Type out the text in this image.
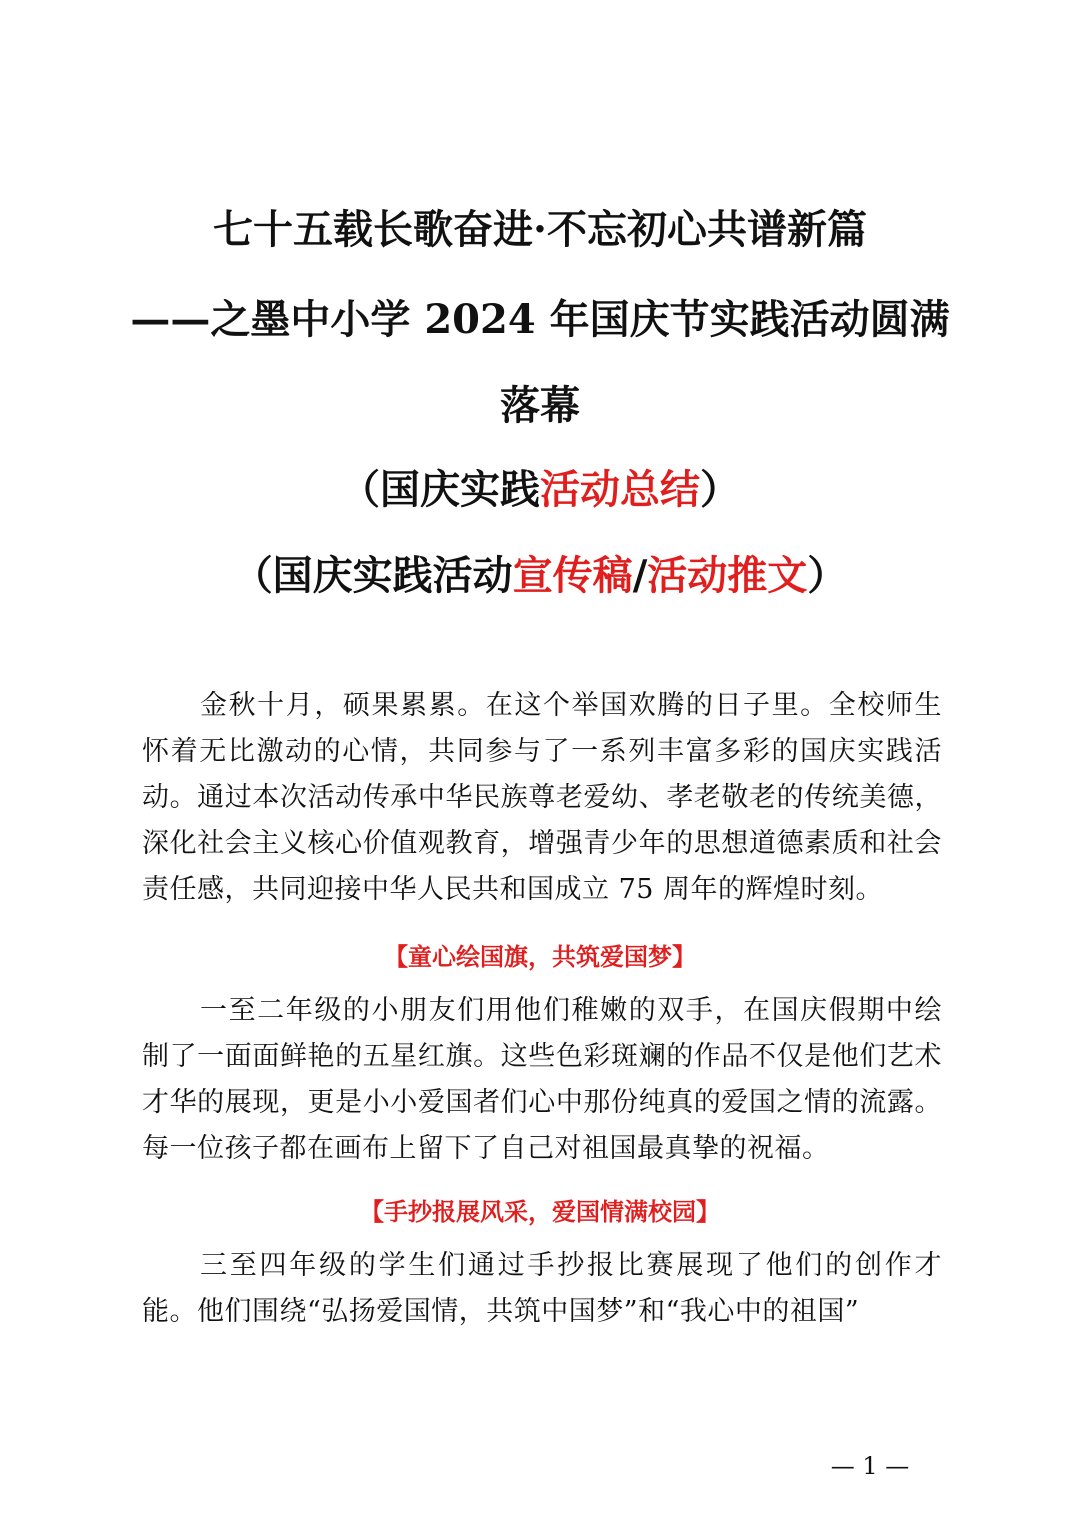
七十五载长歌奋进·不忘初心共谱新篇
——之墨中小学 2024 年国庆节实践活动圆满
落幕
（国庆实践活动总结）
（国庆实践活动宣传稿/活动推文）
金秋十月，硕果累累。在这个举国欢腾的日子里。全校师生怀着无比激动的心情，共同参与了一系列丰富多彩的国庆实践活动。通过本次活动传承中华民族尊老爱幼、孝老敬老的传统美德，深化社会主义核心价值观教育，增强青少年的思想道德素质和社会责任感，共同迎接中华人民共和国成立 75 周年的辉煌时刻。
【童心绘国旗，共筑爱国梦】
一至二年级的小朋友们用他们稚嫩的双手，在国庆假期中绘制了一面面鲜艳的五星红旗。这些色彩斑斓的作品不仅是他们艺术才华的展现，更是小小爱国者们心中那份纯真的爱国之情的流露。每一位孩子都在画布上留下了自己对祖国最真挚的祝福。
【手抄报展风采，爱国情满校园】
三至四年级的学生们通过手抄报比赛展现了他们的创作才能。他们围绕“弘扬爱国情，共筑中国梦”和“我心中的祖国”
— 1 —
